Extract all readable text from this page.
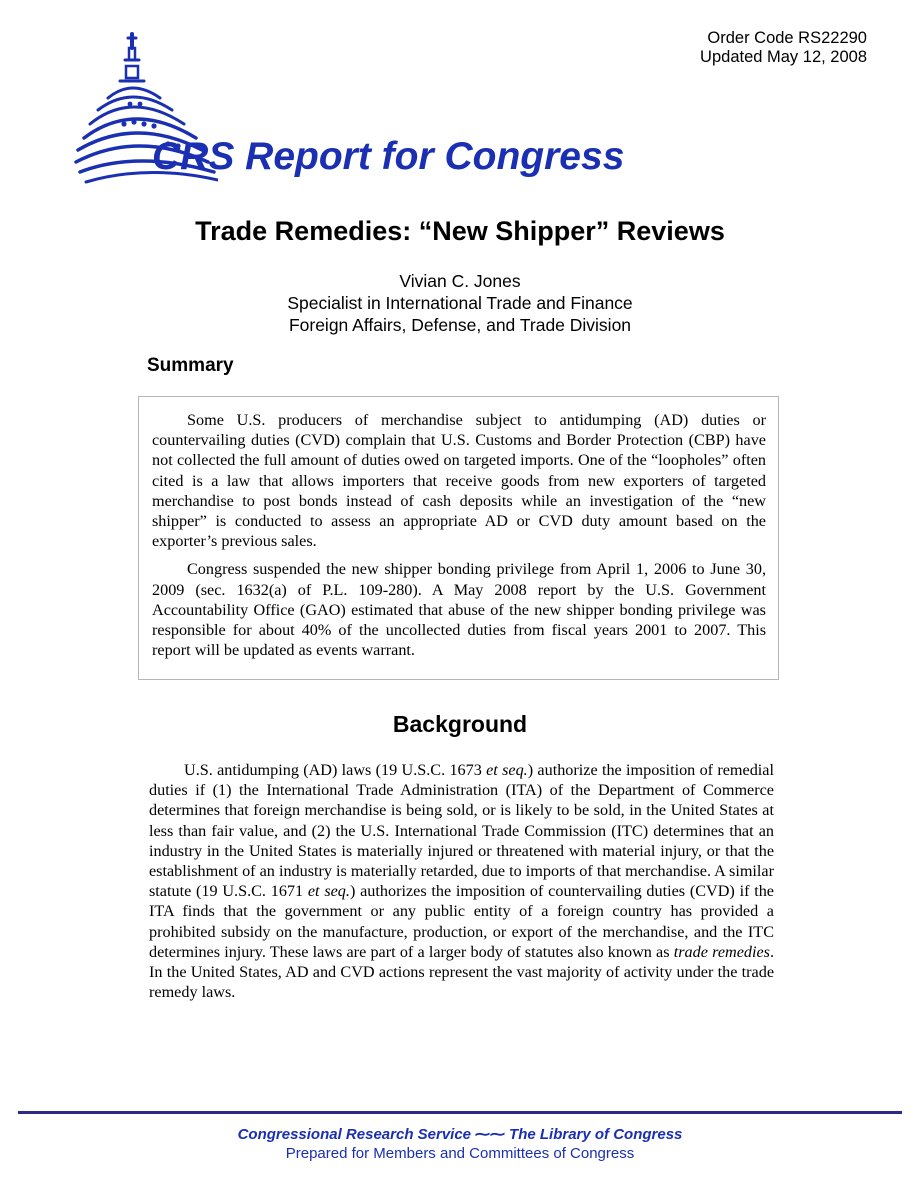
Order Code RS22290
Updated May 12, 2008
CRS Report for Congress
Trade Remedies: “New Shipper” Reviews
Vivian C. Jones
Specialist in International Trade and Finance
Foreign Affairs, Defense, and Trade Division
Summary

Some U.S. producers of merchandise subject to antidumping (AD) duties or countervailing duties (CVD) complain that U.S. Customs and Border Protection (CBP) have not collected the full amount of duties owed on targeted imports. One of the “loopholes” often cited is a law that allows importers that receive goods from new exporters of targeted merchandise to post bonds instead of cash deposits while an investigation of the “new shipper” is conducted to assess an appropriate AD or CVD duty amount based on the exporter’s previous sales.

Congress suspended the new shipper bonding privilege from April 1, 2006 to June 30, 2009 (sec. 1632(a) of P.L. 109-280). A May 2008 report by the U.S. Government Accountability Office (GAO) estimated that abuse of the new shipper bonding privilege was responsible for about 40% of the uncollected duties from fiscal years 2001 to 2007. This report will be updated as events warrant.

Background

U.S. antidumping (AD) laws (19 U.S.C. 1673 et seq.) authorize the imposition of remedial duties if (1) the International Trade Administration (ITA) of the Department of Commerce determines that foreign merchandise is being sold, or is likely to be sold, in the United States at less than fair value, and (2) the U.S. International Trade Commission (ITC) determines that an industry in the United States is materially injured or threatened with material injury, or that the establishment of an industry is materially retarded, due to imports of that merchandise. A similar statute (19 U.S.C. 1671 et seq.) authorizes the imposition of countervailing duties (CVD) if the ITA finds that the government or any public entity of a foreign country has provided a prohibited subsidy on the manufacture, production, or export of the merchandise, and the ITC determines injury. These laws are part of a larger body of statutes also known as trade remedies. In the United States, AD and CVD actions represent the vast majority of activity under the trade remedy laws.

Congressional Research Service ⁓⁓ The Library of Congress
Prepared for Members and Committees of Congress
